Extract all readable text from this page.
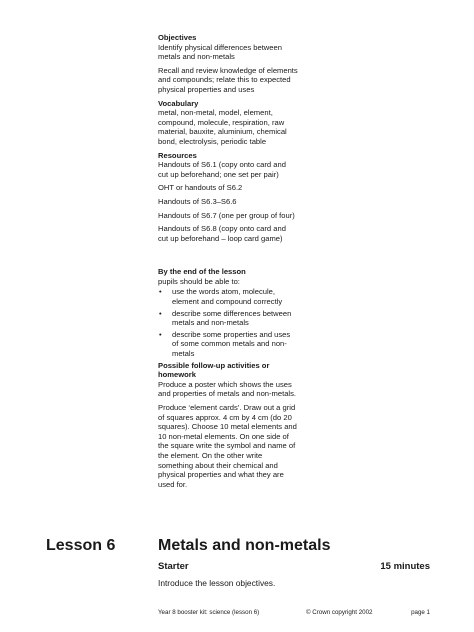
Objectives

Identify physical differences between metals and non-metals

Recall and review knowledge of elements and compounds; relate this to expected physical properties and uses

Vocabulary

metal, non-metal, model, element, compound, molecule, respiration, raw material, bauxite, aluminium, chemical bond, electrolysis, periodic table

Resources

Handouts of S6.1 (copy onto card and cut up beforehand; one set per pair)

OHT or handouts of S6.2

Handouts of S6.3–S6.6

Handouts of S6.7 (one per group of four)

Handouts of S6.8 (copy onto card and cut up beforehand – loop card game)

By the end of the lesson

pupils should be able to:

• use the words atom, molecule, element and compound correctly
• describe some differences between metals and non-metals
• describe some properties and uses of some common metals and non-metals

Possible follow-up activities or homework

Produce a poster which shows the uses and properties of metals and non-metals.

Produce ‘element cards’. Draw out a grid of squares approx. 4 cm by 4 cm (do 20 squares). Choose 10 metal elements and 10 non-metal elements. On one side of the square write the symbol and name of the element. On the other write something about their chemical and physical properties and what they are used for.

Lesson 6	Metals and non-metals
Starter	15 minutes
Introduce the lesson objectives.
Year 8 booster kit: science (lesson 6)	© Crown copyright 2002	page 1
